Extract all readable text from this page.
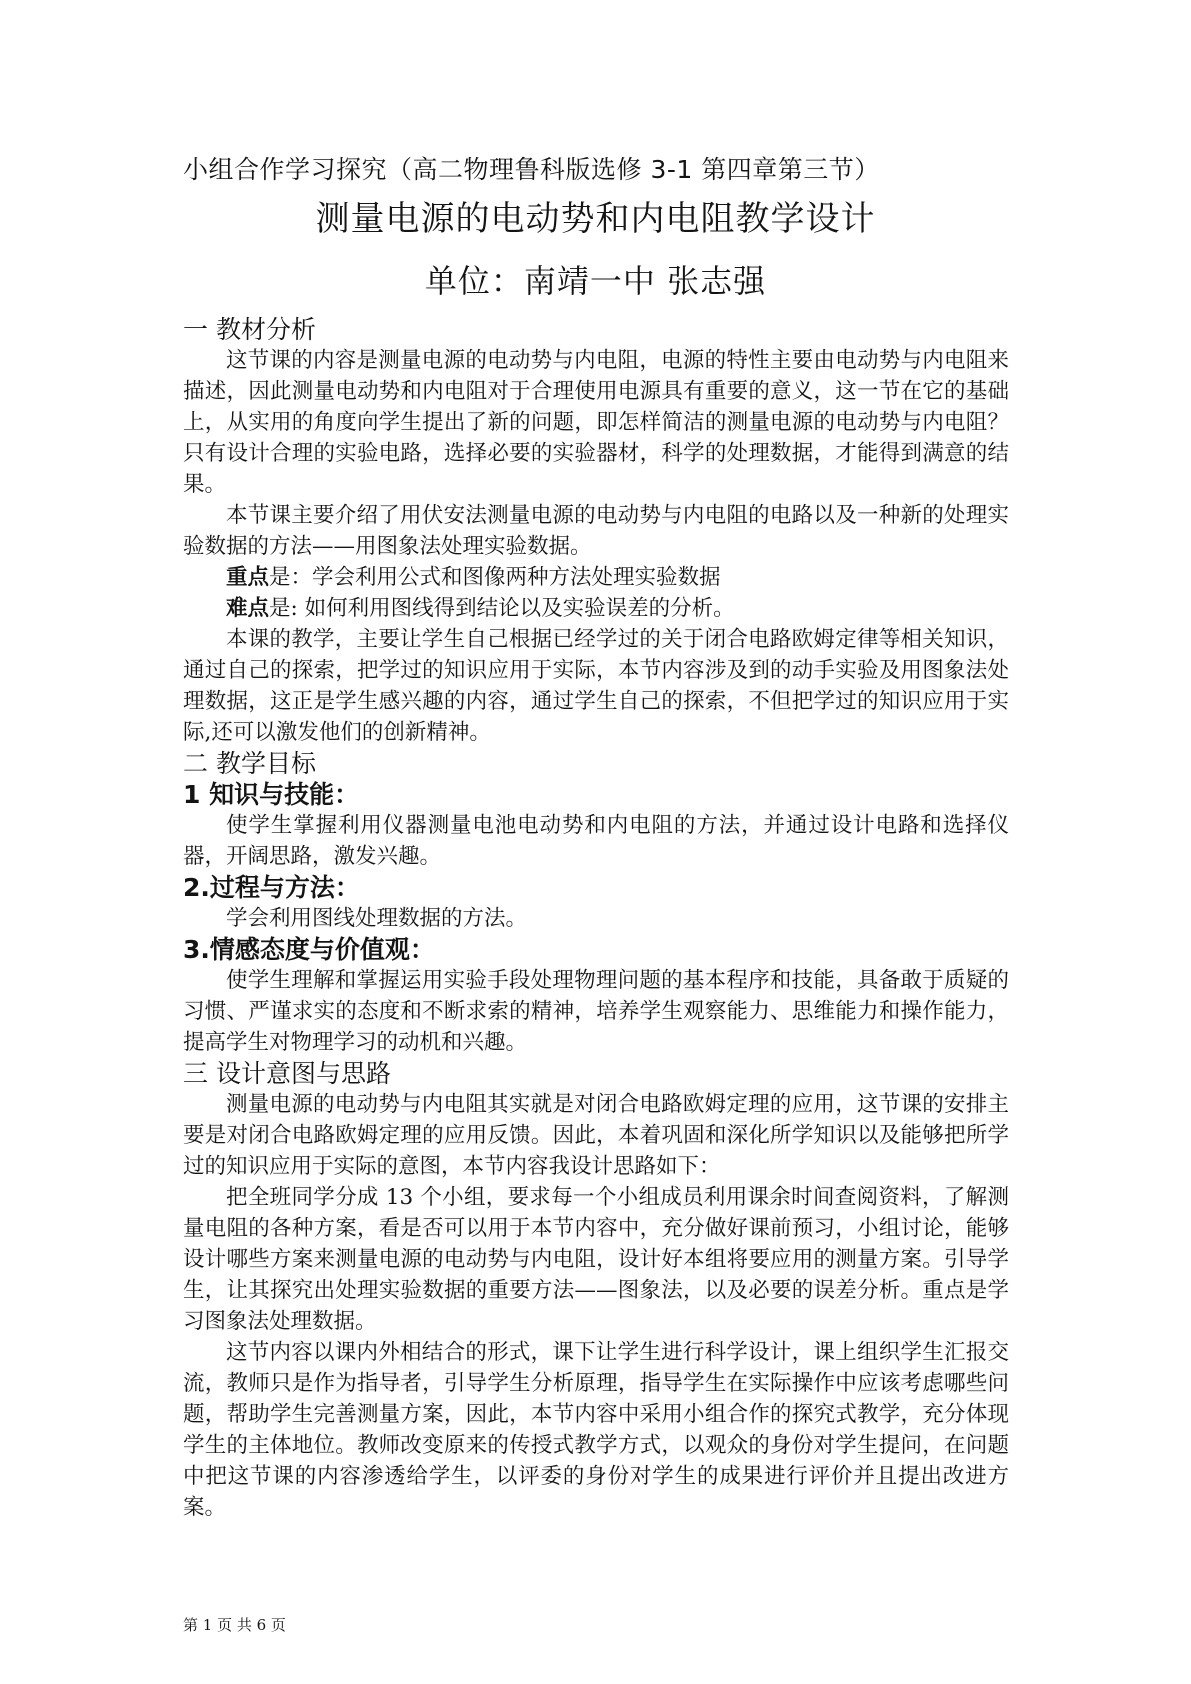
小组合作学习探究（高二物理鲁科版选修 3-1 第四章第三节）
测量电源的电动势和内电阻教学设计
单位：南靖一中 张志强
一 教材分析

这节课的内容是测量电源的电动势与内电阻，电源的特性主要由电动势与内电阻来描述，因此测量电动势和内电阻对于合理使用电源具有重要的意义，这一节在它的基础上，从实用的角度向学生提出了新的问题，即怎样简洁的测量电源的电动势与内电阻？ 只有设计合理的实验电路，选择必要的实验器材，科学的处理数据，才能得到满意的结果。

本节课主要介绍了用伏安法测量电源的电动势与内电阻的电路以及一种新的处理实验数据的方法——用图象法处理实验数据。

重点是：学会利用公式和图像两种方法处理实验数据

难点是: 如何利用图线得到结论以及实验误差的分析。

本课的教学，主要让学生自己根据已经学过的关于闭合电路欧姆定律等相关知识，通过自己的探索，把学过的知识应用于实际，本节内容涉及到的动手实验及用图象法处理数据，这正是学生感兴趣的内容，通过学生自己的探索，不但把学过的知识应用于实际,还可以激发他们的创新精神。

二 教学目标
1 知识与技能：

使学生掌握利用仪器测量电池电动势和内电阻的方法，并通过设计电路和选择仪器，开阔思路，激发兴趣。

2.过程与方法：

学会利用图线处理数据的方法。

3.情感态度与价值观：

使学生理解和掌握运用实验手段处理物理问题的基本程序和技能，具备敢于质疑的习惯、严谨求实的态度和不断求索的精神，培养学生观察能力、思维能力和操作能力，提高学生对物理学习的动机和兴趣。

三 设计意图与思路

测量电源的电动势与内电阻其实就是对闭合电路欧姆定理的应用，这节课的安排主要是对闭合电路欧姆定理的应用反馈。因此，本着巩固和深化所学知识以及能够把所学过的知识应用于实际的意图，本节内容我设计思路如下：

把全班同学分成 13 个小组，要求每一个小组成员利用课余时间查阅资料，了解测量电阻的各种方案，看是否可以用于本节内容中，充分做好课前预习，小组讨论，能够设计哪些方案来测量电源的电动势与内电阻，设计好本组将要应用的测量方案。引导学生，让其探究出处理实验数据的重要方法——图象法，以及必要的误差分析。重点是学习图象法处理数据。

这节内容以课内外相结合的形式，课下让学生进行科学设计，课上组织学生汇报交流，教师只是作为指导者，引导学生分析原理，指导学生在实际操作中应该考虑哪些问题，帮助学生完善测量方案，因此，本节内容中采用小组合作的探究式教学，充分体现学生的主体地位。教师改变原来的传授式教学方式，以观众的身份对学生提问，在问题中把这节课的内容渗透给学生，以评委的身份对学生的成果进行评价并且提出改进方案。

第 1 页 共 6 页
